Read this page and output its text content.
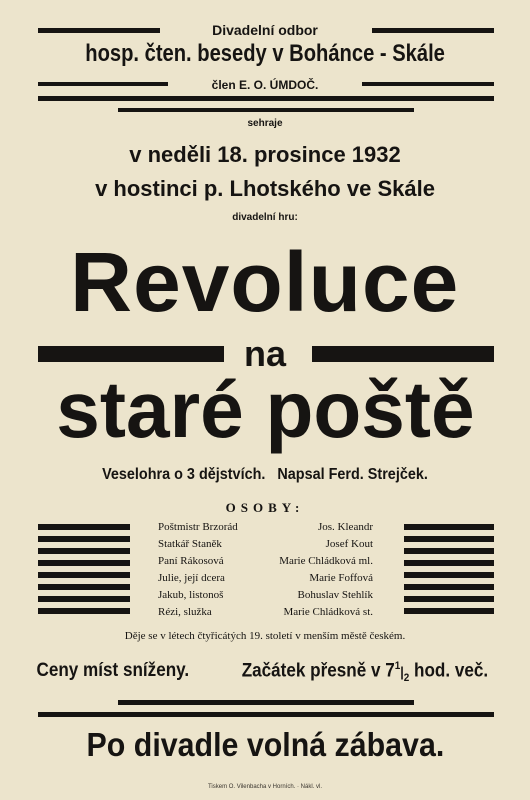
Divadelní odbor
hosp. čten. besedy v Bohánce - Skále
člen E. O. ÚMDOČ.
sehraje
v neděli 18. prosince 1932
v hostinci p. Lhotského ve Skále
divadelní hru:
Revoluce
na
staré poště
Veselohra o 3 dějstvích.   Napsal Ferd. Strejček.
OSOBY:
Poštmistr Brzorád	Jos. Kleandr
Statkář Staněk	Josef Kout
Paní Rákosová	Marie Chládková ml.
Julie, její dcera	Marie Foffová
Jakub, listonoš	Bohuslav Stehlík
Rézi, služka	Marie Chládková st.
Děje se v létech čtyřicátých 19. století v menším městě českém.
Ceny míst sníženy.	Začátek přesně v $7^1|_2$ hod. več.
Po divadle volná zábava.
Tiskem O. Vilenbacha v Horních. · Nákl. vl.
